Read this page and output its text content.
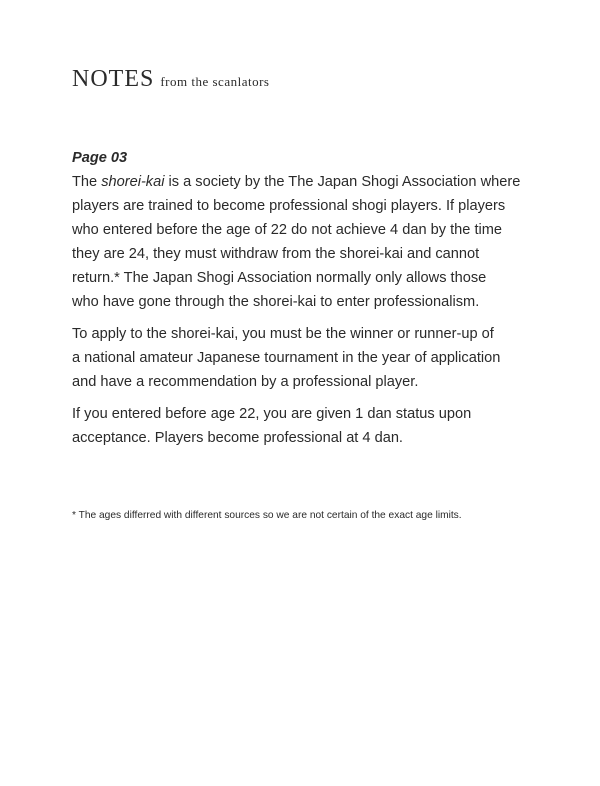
NOTES from the scanlators

Page 03

The shorei-kai is a society by the The Japan Shogi Association where
players are trained to become professional shogi players. If players
who entered before the age of 22 do not achieve 4 dan by the time
they are 24, they must withdraw from the shorei-kai and cannot
return.* The Japan Shogi Association normally only allows those
who have gone through the shorei-kai to enter professionalism.

To apply to the shorei-kai, you must be the winner or runner-up of
a national amateur Japanese tournament in the year of application
and have a recommendation by a professional player.

If you entered before age 22, you are given 1 dan status upon
acceptance. Players become professional at 4 dan.

* The ages differred with different sources so we are not certain of the exact age limits.
